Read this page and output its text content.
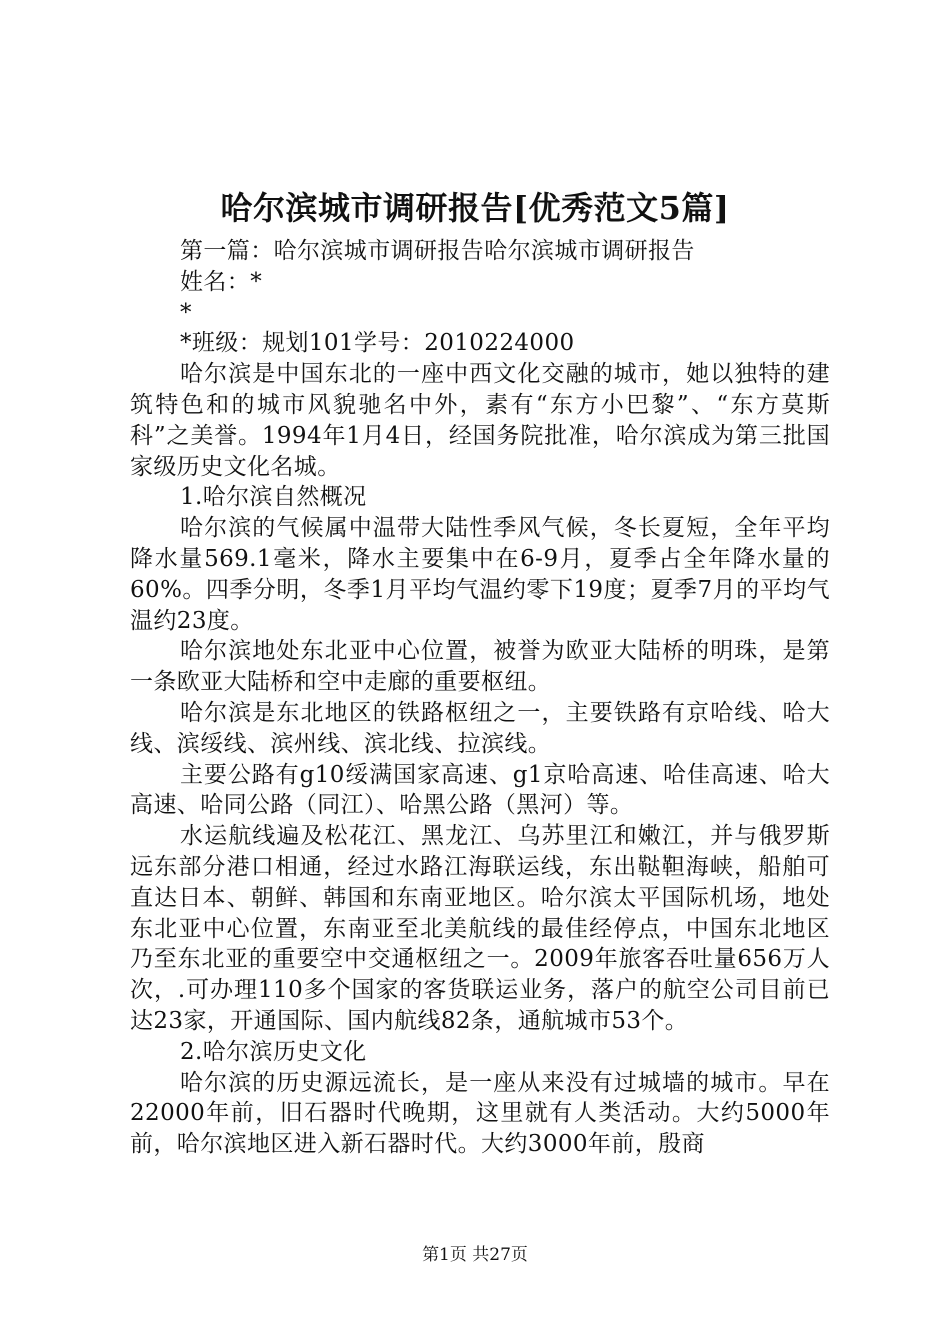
哈尔滨城市调研报告[优秀范文5篇]

第一篇：哈尔滨城市调研报告哈尔滨城市调研报告

姓名：*

*

*班级：规划101学号：2010224000

哈尔滨是中国东北的一座中西文化交融的城市，她以独特的建筑特色和的城市风貌驰名中外，素有“东方小巴黎”、“东方莫斯科”之美誉。1994年1月4日，经国务院批准，哈尔滨成为第三批国家级历史文化名城。

1.哈尔滨自然概况

哈尔滨的气候属中温带大陆性季风气候，冬长夏短，全年平均降水量569.1毫米，降水主要集中在6-9月，夏季占全年降水量的60%。四季分明，冬季1月平均气温约零下19度；夏季7月的平均气温约23度。

哈尔滨地处东北亚中心位置，被誉为欧亚大陆桥的明珠，是第一条欧亚大陆桥和空中走廊的重要枢纽。

哈尔滨是东北地区的铁路枢纽之一，主要铁路有京哈线、哈大线、滨绥线、滨州线、滨北线、拉滨线。

主要公路有g10绥满国家高速、g1京哈高速、哈佳高速、哈大高速、哈同公路（同江）、哈黑公路（黑河）等。

水运航线遍及松花江、黑龙江、乌苏里江和嫩江，并与俄罗斯远东部分港口相通，经过水路江海联运线，东出鞑靼海峡，船舶可直达日本、朝鲜、韩国和东南亚地区。哈尔滨太平国际机场，地处东北亚中心位置，东南亚至北美航线的最佳经停点，中国东北地区乃至东北亚的重要空中交通枢纽之一。2009年旅客吞吐量656万人次，.可办理110多个国家的客货联运业务，落户的航空公司目前已达23家，开通国际、国内航线82条，通航城市53个。

2.哈尔滨历史文化

哈尔滨的历史源远流长，是一座从来没有过城墙的城市。早在22000年前，旧石器时代晚期，这里就有人类活动。大约5000年前，哈尔滨地区进入新石器时代。大约3000年前，殷商

第1页 共27页
